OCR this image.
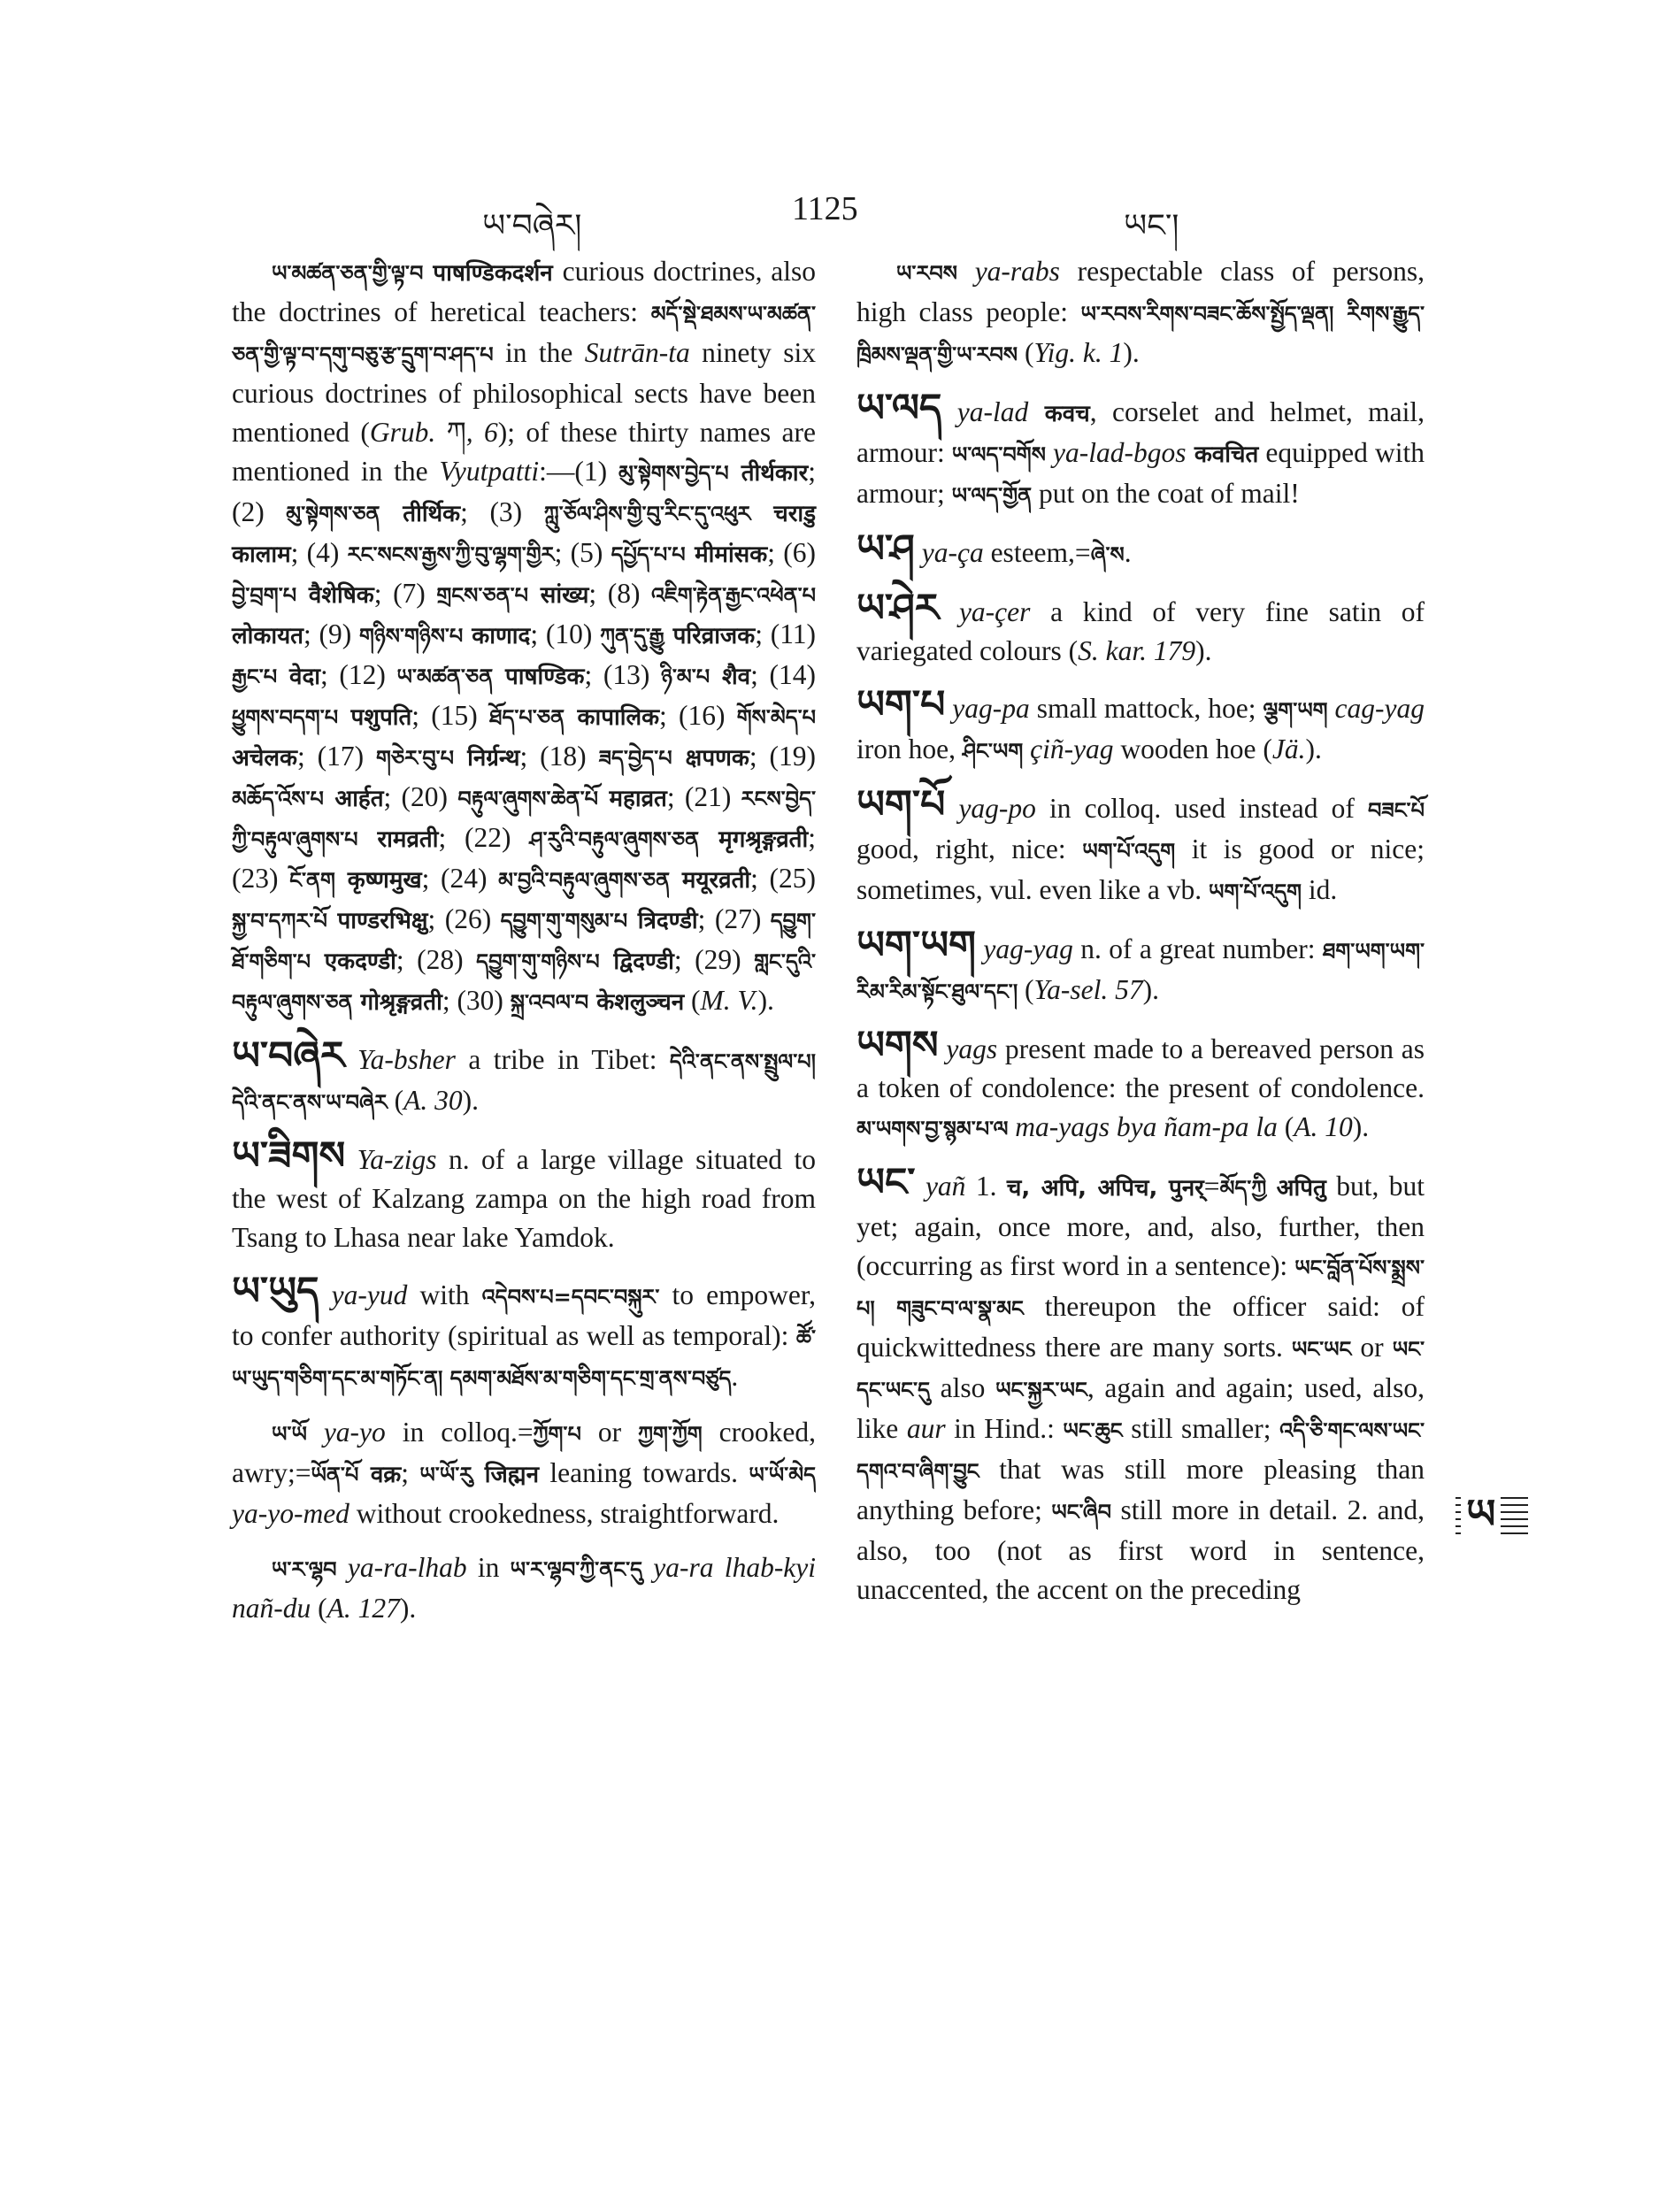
ཡ་བཞེར།	1125	ཡང་།

ཡ་མཚན་ཅན་གྱི་ལྟ་བ पाषण्डिकदर्शन curious doctrines, also the doctrines of heretical teachers: མདོ་སྡེ་ཐམས་ཡ་མཚན་ཅན་གྱི་ལྟ་བ་དགུ་བཅུ་རྩ་དྲུག་བ་ཤད་པ in the Sutrān-ta ninety six curious doctrines of philosophical sects have been mentioned (Grub. ཀ, 6); of these thirty names are mentioned in the Vyutpatti:—(1) མུ་སྟེགས་བྱེད་པ तीर्थकार; (2) མུ་སྟེགས་ཅན तीर्थिक; (3) ཀླུ་ཅོལ་ཤིས་གྱི་བུ་རིང་དུ་འཕུར चराडु कालाम; (4) རང་སངས་རྒྱས་ཀྱི་བུ་ལྷག་གྱིར; (5) དཔྱོད་པ་པ मीमांसक; (6) བྱེ་བྲག་པ वैशेषिक; (7) གྲངས་ཅན་པ सांख्य; (8) འཇིག་རྟེན་རྒྱང་འཕེན་པ लोकायत; (9) གཉིས་གཉིས་པ काणाद; (10) ཀུན་དུ་རྒྱུ परिव्राजक; (11) རྒྱང་པ वेदा; (12) ཡ་མཚན་ཅན पाषण्डिक; (13) ཉི་མ་པ शैव; (14) ཕྱུགས་བདག་པ पशुपति; (15) ཐོད་པ་ཅན कापालिक; (16) གོས་མེད་པ अचेलक; (17) གཅེར་བུ་པ निर्ग्रन्थ; (18) ཟད་བྱེད་པ क्षपणक; (19) མཆོད་འོས་པ आर्हत; (20) བརྟུལ་ཞུགས་ཆེན་པོ महाव्रत; (21) རངས་བྱེད་ཀྱི་བརྟུལ་ཞུགས་པ रामव्रती; (22) ཤ་རུའི་བརྟུལ་ཞུགས་ཅན मृगश्रृङ्गव्रती; (23) ངོ་ནག कृष्णमुख; (24) མ་བྱའི་བརྟུལ་ཞུགས་ཅན मयूरव्रती; (25) སྐྱ་བ་དཀར་པོ पाण्डरभिक्षु; (26) དབྱུག་གུ་གསུམ་པ त्रिदण्डी; (27) དབྱུག་ཐོ་གཅིག་པ एकदण्डी; (28) དབྱུག་གུ་གཉིས་པ द्विदण्डी; (29) གླང་དུའི་བརྟུལ་ཞུགས་ཅན गोश्रृङ्गव्रती; (30) སྐྲ་འབལ་བ केशलुञ्चन (M. V.).

ཡ་བཞེར Ya-bsher a tribe in Tibet: དེའི་ནང་ནས་སྤྲུལ་པ། དེའི་ནང་ནས་ཡ་བཞེར (A. 30).

ཡ་ཟིགས Ya-zigs n. of a large village situated to the west of Kalzang zampa on the high road from Tsang to Lhasa near lake Yamdok.

ཡ་ཡུད ya-yud with འདེབས་པ=དབང་བསྐུར་ to empower, to confer authority (spiritual as well as temporal): ཚོ་ཡ་ཡུད་གཅིག་དང་མ་གཏོང་ན། དམག་མཐོས་མ་གཅིག་དང་གྲ་ནས་བཙུད.

ཡ་ཡོ ya-yo in colloq.=ཀྱོག་པ or ཀྱག་ཀྱོག crooked, awry;=ཡོན་པོ वक्र; ཡ་ཡོ་རུ जिह्मन leaning towards. ཡ་ཡོ་མེད ya-yo-med without crookedness, straightforward.

ཡ་ར་ལྷབ ya-ra-lhab in ཡ་ར་ལྷབ་ཀྱི་ནང་དུ ya-ra lhab-kyi nañ-du (A. 127).

ཡ་རབས ya-rabs respectable class of persons, high class people: ཡ་རབས་རིགས་བཟང་ཆོས་སྤྱོད་ལྡན། རིགས་རྒྱུད་ཁྲིམས་ལྡན་གྱི་ཡ་རབས (Yig. k. 1).

ཡ་ལད ya-lad कवच, corselet and helmet, mail, armour: ཡ་ལད་བགོས ya-lad-bgos कवचित equipped with armour; ཡ་ལད་གྱོན put on the coat of mail!

ཡ་ཤ ya-ça esteem,=ཞེ་ས.

ཡ་ཤེར ya-çer a kind of very fine satin of variegated colours (S. kar. 179).

ཡག་པ yag-pa small mattock, hoe; ལྕག་ཡག cag-yag iron hoe, ཤིང་ཡག çiñ-yag wooden hoe (Jä.).

ཡག་པོ yag-po in colloq. used instead of བཟང་པོ good, right, nice: ཡག་པོ་འདུག it is good or nice; sometimes, vul. even like a vb. ཡག་པོ་འདུག id.

ཡག་ཡག yag-yag n. of a great number: ཐག་ཡག་ཡག་རིམ་རིམ་སྟོང་ཐུལ་དང་། (Ya-sel. 57).

ཡགས yags present made to a bereaved person as a token of condolence: the present of condolence. མ་ཡགས་བྱ་སྙམ་པ་ལ ma-yags bya ñam-pa la (A. 10).

ཡང་ yañ 1. च, अपि, अपिच, पुनर्=མོད་ཀྱི अपितु but, but yet; again, once more, and, also, further, then (occurring as first word in a sentence): ཡང་བློན་པོས་སྨྲས་པ། གཟུང་བ་ལ་སྣ་མང thereupon the officer said: of quickwittedness there are many sorts. ཡང་ཡང or ཡང་དང་ཡང་དུ also ཡང་སྐྱར་ཡང, again and again; used, also, like aur in Hind.: ཡང་ཆུང still smaller; འདི་ཅི་གང་ལས་ཡང་དགའ་བ་ཞིག་བྱུང that was still more pleasing than anything before; ཡང་ཞིབ still more in detail. 2. and, also, too (not as first word in sentence, unaccented, the accent on the preceding

ཡ
